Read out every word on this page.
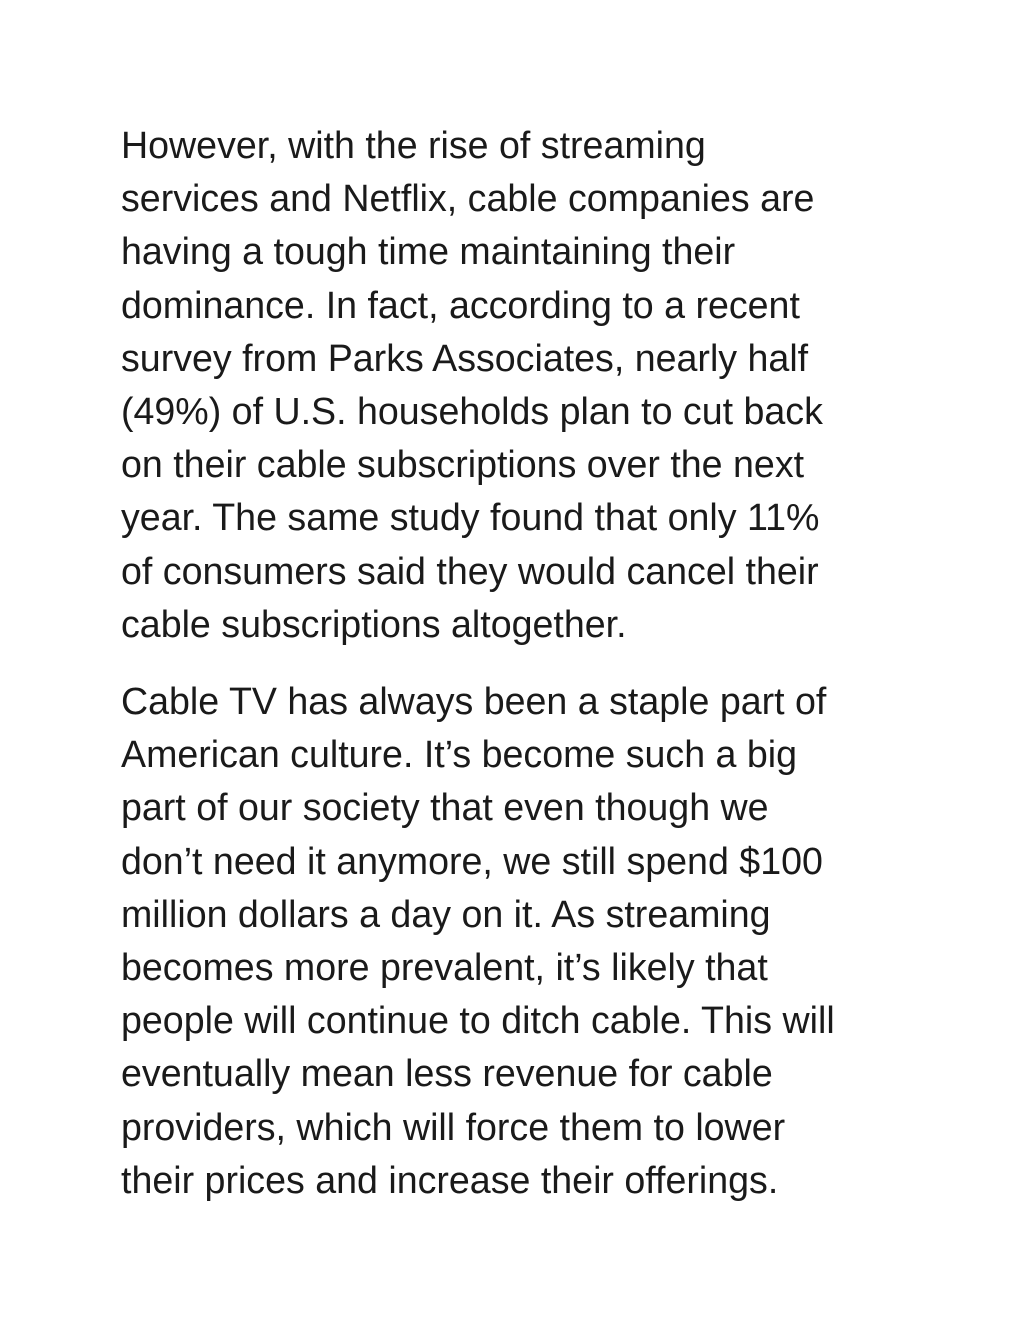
However, with the rise of streaming
services and Netflix, cable companies are
having a tough time maintaining their
dominance. In fact, according to a recent
survey from Parks Associates, nearly half
(49%) of U.S. households plan to cut back
on their cable subscriptions over the next
year. The same study found that only 11%
of consumers said they would cancel their
cable subscriptions altogether.

Cable TV has always been a staple part of
American culture. It’s become such a big
part of our society that even though we
don’t need it anymore, we still spend $100
million dollars a day on it. As streaming
becomes more prevalent, it’s likely that
people will continue to ditch cable. This will
eventually mean less revenue for cable
providers, which will force them to lower
their prices and increase their offerings.
